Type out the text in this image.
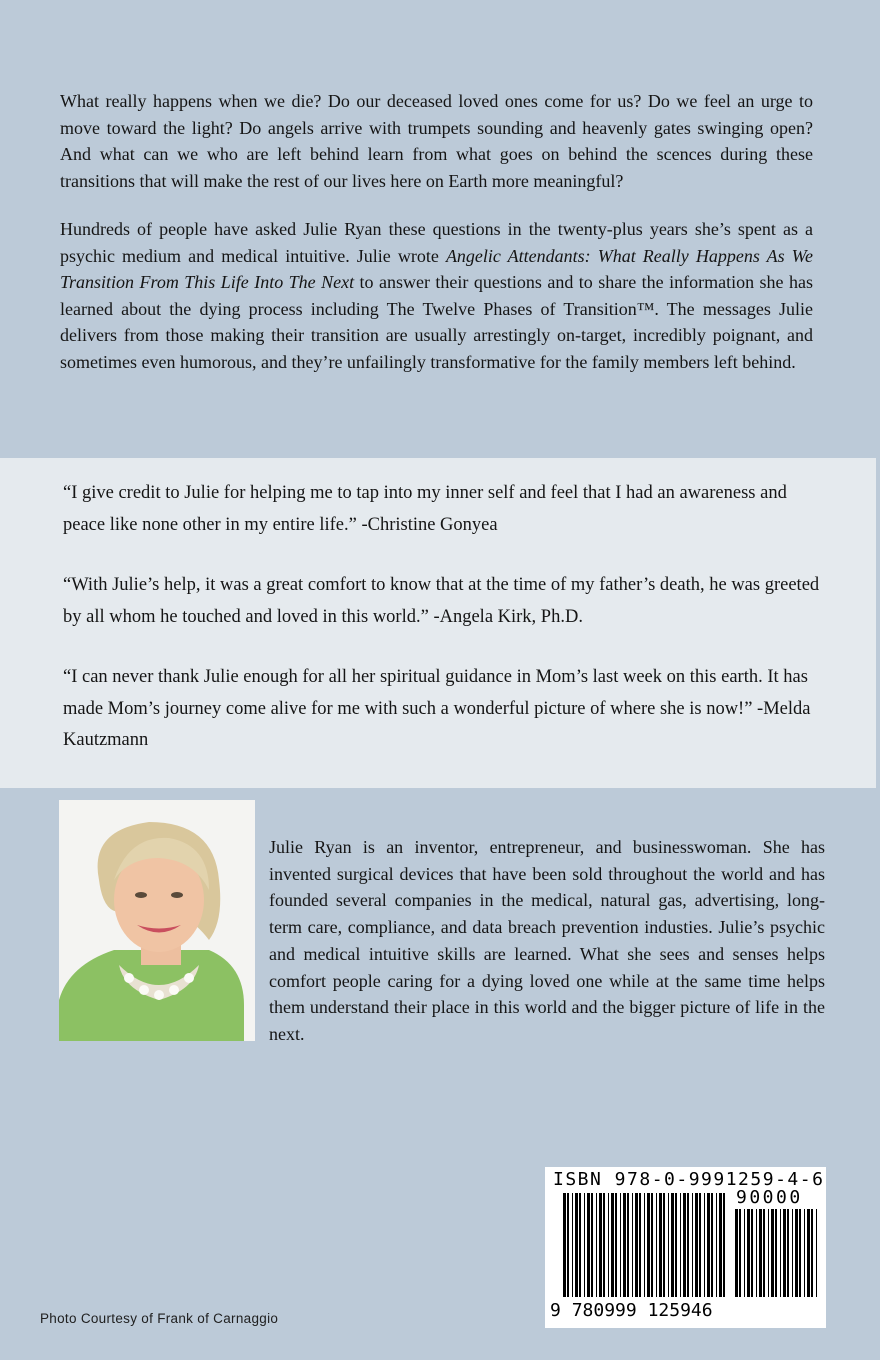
What really happens when we die? Do our deceased loved ones come for us? Do we feel an urge to move toward the light? Do angels arrive with trumpets sounding and heavenly gates swinging open? And what can we who are left behind learn from what goes on behind the scences during these transitions that will make the rest of our lives here on Earth more meaningful?

Hundreds of people have asked Julie Ryan these questions in the twenty-plus years she’s spent as a psychic medium and medical intuitive. Julie wrote Angelic Attendants: What Really Happens As We Transition From This Life Into The Next to answer their questions and to share the information she has learned about the dying process including The Twelve Phases of Transition™. The messages Julie delivers from those making their transition are usually arrestingly on-target, incredibly poignant, and sometimes even humorous, and they’re unfailingly transformative for the family members left behind.

“I give credit to Julie for helping me to tap into my inner self and feel that I had an awareness and peace like none other in my entire life.” -Christine Gonyea

“With Julie’s help, it was a great comfort to know that at the time of my father’s death, he was greeted by all whom he touched and loved in this world.” -Angela Kirk, Ph.D.

“I can never thank Julie enough for all her spiritual guidance in Mom’s last week on this earth. It has made Mom’s journey come alive for me with such a wonderful picture of where she is now!” -Melda Kautzmann

Julie Ryan is an inventor, entrepreneur, and businesswoman. She has invented surgical devices that have been sold throughout the world and has founded several companies in the medical, natural gas, advertising, long-term care, compliance, and data breach prevention industies. Julie’s psychic and medical intuitive skills are learned. What she sees and senses helps comfort people caring for a dying loved one while at the same time helps them understand their place in this world and the bigger picture of life in the next.

Photo Courtesy of Frank of Carnaggio
ISBN 978-0-9991259-4-6
90000
9 780999 125946
